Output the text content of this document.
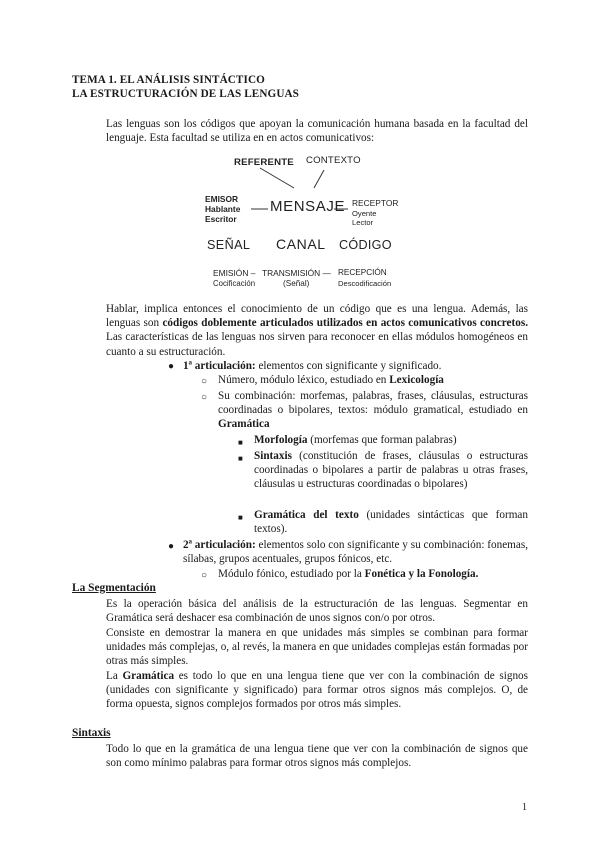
TEMA 1. EL ANÁLISIS SINTÁCTICO
LA ESTRUCTURACIÓN DE LAS LENGUAS
Las lenguas son los códigos que apoyan la comunicación humana basada en la facultad del lenguaje. Esta facultad se utiliza en en actos comunicativos:
REFERENTE CONTEXTO
EMISOR
Hablante
Escritor
MENSAJE RECEPTOR
Oyente
Lector
SEÑAL CANAL CÓDIGO
EMISIÓN – TRANSMISIÓN — RECEPCIÓN
Cocificación	(Señal)	Descodificación
Hablar, implica entonces el conocimiento de un código que es una lengua. Además, las lenguas son códigos doblemente articulados utilizados en actos comunicativos concretos. Las características de las lenguas nos sirven para reconocer en ellas módulos homogéneos en cuanto a su estructuración.
● 1ª articulación: elementos con significante y significado.
○ Número, módulo léxico, estudiado en Lexicología
○ Su combinación: morfemas, palabras, frases, cláusulas, estructuras coordinadas o bipolares, textos: módulo gramatical, estudiado en Gramática
■ Morfología (morfemas que forman palabras)
■ Sintaxis (constitución de frases, cláusulas o estructuras coordinadas o bipolares a partir de palabras u otras frases, cláusulas u estructuras coordinadas o bipolares)
■ Gramática del texto (unidades sintácticas que forman textos).
● 2ª articulación: elementos solo con significante y su combinación: fonemas, sílabas, grupos acentuales, grupos fónicos, etc.
○ Módulo fónico, estudiado por la Fonética y la Fonología.
La Segmentación
Es la operación básica del análisis de la estructuración de las lenguas. Segmentar en Gramática será deshacer esa combinación de unos signos con/o por otros.
Consiste en demostrar la manera en que unidades más simples se combinan para formar unidades más complejas, o, al revés, la manera en que unidades complejas están formadas por otras más simples.
La Gramática es todo lo que en una lengua tiene que ver con la combinación de signos (unidades con significante y significado) para formar otros signos más complejos. O, de forma opuesta, signos complejos formados por otros más simples.
Sintaxis
Todo lo que en la gramática de una lengua tiene que ver con la combinación de signos que son como mínimo palabras para formar otros signos más complejos.
1
